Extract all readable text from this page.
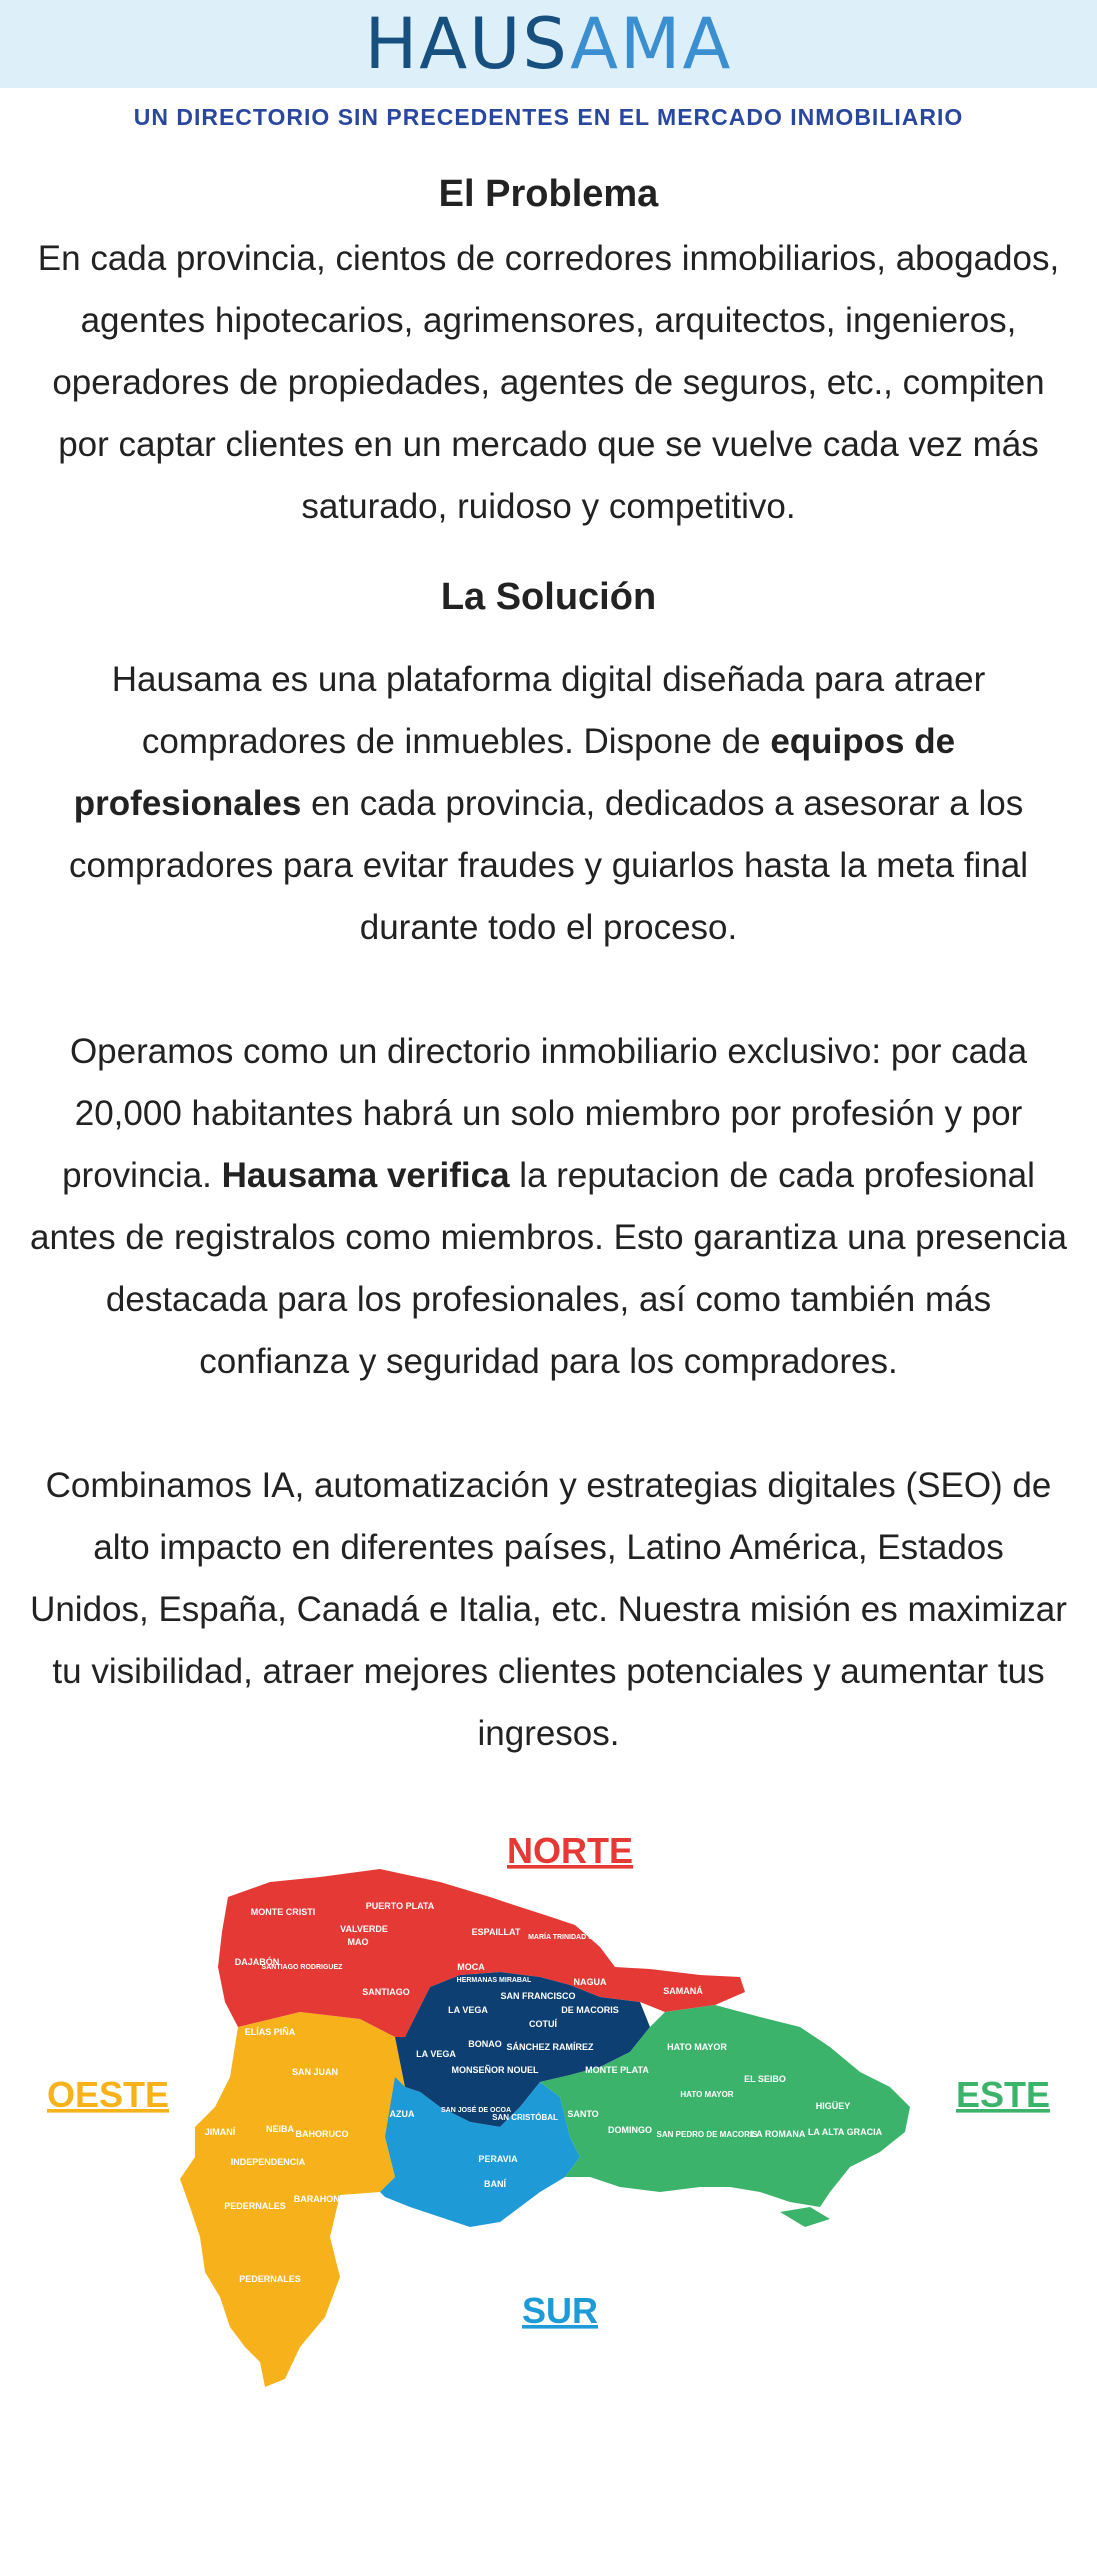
HAUSAMA
UN DIRECTORIO SIN PRECEDENTES EN EL MERCADO INMOBILIARIO
El Problema
En cada provincia, cientos de corredores inmobiliarios, abogados, agentes hipotecarios, agrimensores, arquitectos, ingenieros, operadores de propiedades, agentes de seguros, etc., compiten por captar clientes en un mercado que se vuelve cada vez más saturado, ruidoso y competitivo.
La Solución
Hausama es una plataforma digital diseñada para atraer compradores de inmuebles. Dispone de equipos de profesionales en cada provincia, dedicados a asesorar a los compradores para evitar fraudes y guiarlos hasta la meta final durante todo el proceso.
Operamos como un directorio inmobiliario exclusivo: por cada 20,000 habitantes habrá un solo miembro por profesión y por provincia. Hausama verifica la reputacion de cada profesional antes de registralos como miembros. Esto garantiza una presencia destacada para los profesionales, así como también más confianza y seguridad para los compradores.
Combinamos IA, automatización y estrategias digitales (SEO) de alto impacto en diferentes países, Latino América, Estados Unidos, España, Canadá e Italia, etc. Nuestra misión es maximizar tu visibilidad, atraer mejores clientes potenciales y aumentar tus ingresos.
NORTE
OESTE	ESTE
SUR
MONTE CRISTI
PUERTO PLATA
VALVERDE
MAO
ESPAILLAT
MARÍA TRINIDAD SÁNCHEZ
DAJABÓN
SANTIAGO RODRIGUEZ
SANTIAGO
MOCA
HERMANAS MIRABAL	NAGUA
SAMANÁ
SAN FRANCISCO
LA VEGA	DE MACORIS
COTUÍ
BONAO SÁNCHEZ RAMÍREZ
LA VEGA
MONSEÑOR NOUEL
ELÍAS PIÑA
SAN JUAN
AZUA	SAN JOSÉ DE OCOA
SAN CRISTÓBAL SANTO
DOMINGO
MONTE PLATA
HATO MAYOR
EL SEIBO
HATO MAYOR
HIGÜEY
SAN PEDRO DE MACORIS
LA ROMANA LA ALTA GRACIA
JIMANÍ	NEIBA BAHORUCO
INDEPENDENCIA
BARAHONA
PEDERNALES
PEDERNALES
PERAVIA
BANÍ
